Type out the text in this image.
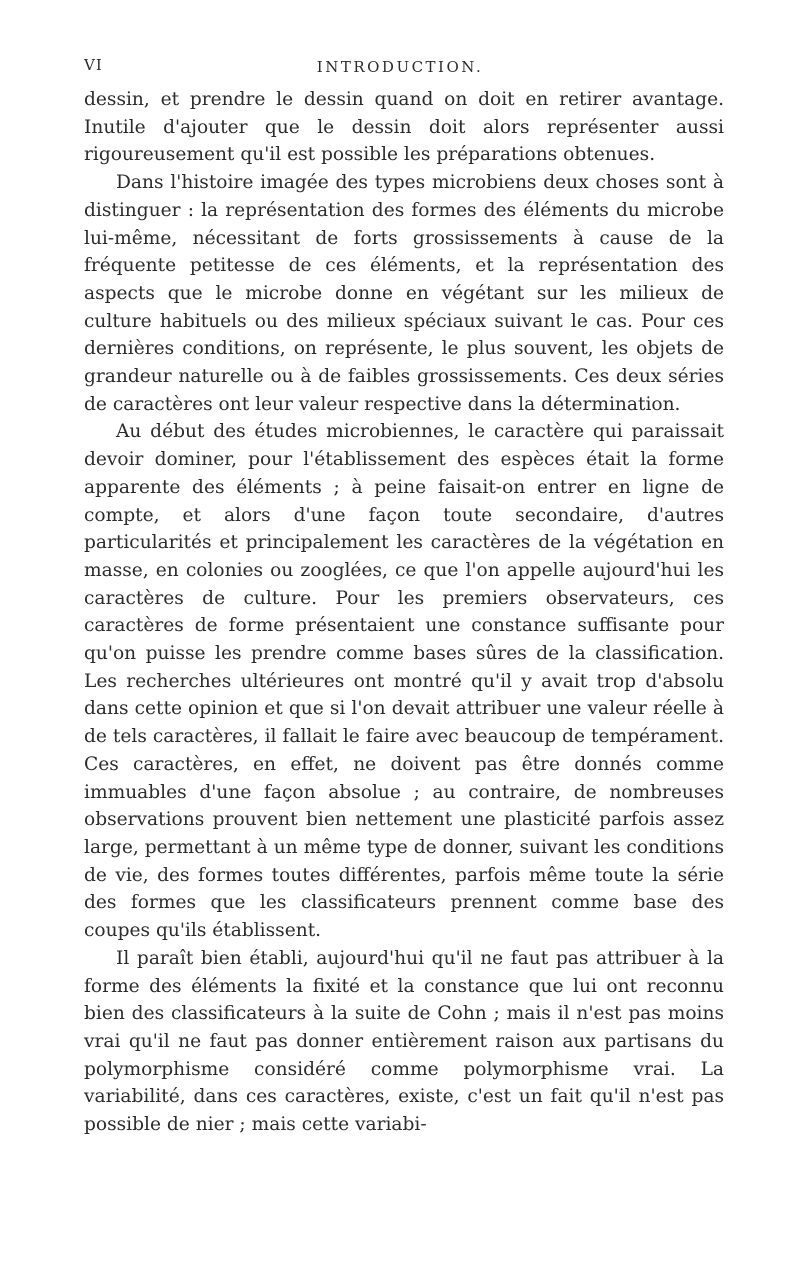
VI	INTRODUCTION.

dessin, et prendre le dessin quand on doit en retirer avantage. Inutile d'ajouter que le dessin doit alors représenter aussi rigoureusement qu'il est possible les préparations obtenues.

Dans l'histoire imagée des types microbiens deux choses sont à distinguer : la représentation des formes des éléments du microbe lui-même, nécessitant de forts grossissements à cause de la fréquente petitesse de ces éléments, et la représentation des aspects que le microbe donne en végétant sur les milieux de culture habituels ou des milieux spéciaux suivant le cas. Pour ces dernières conditions, on représente, le plus souvent, les objets de grandeur naturelle ou à de faibles grossissements. Ces deux séries de caractères ont leur valeur respective dans la détermination.

Au début des études microbiennes, le caractère qui paraissait devoir dominer, pour l'établissement des espèces était la forme apparente des éléments ; à peine faisait-on entrer en ligne de compte, et alors d'une façon toute secondaire, d'autres particularités et principalement les caractères de la végétation en masse, en colonies ou zooglées, ce que l'on appelle aujourd'hui les caractères de culture. Pour les premiers observateurs, ces caractères de forme présentaient une constance suffisante pour qu'on puisse les prendre comme bases sûres de la classification. Les recherches ultérieures ont montré qu'il y avait trop d'absolu dans cette opinion et que si l'on devait attribuer une valeur réelle à de tels caractères, il fallait le faire avec beaucoup de tempérament. Ces caractères, en effet, ne doivent pas être donnés comme immuables d'une façon absolue ; au contraire, de nombreuses observations prouvent bien nettement une plasticité parfois assez large, permettant à un même type de donner, suivant les conditions de vie, des formes toutes différentes, parfois même toute la série des formes que les classificateurs prennent comme base des coupes qu'ils établissent.

Il paraît bien établi, aujourd'hui qu'il ne faut pas attribuer à la forme des éléments la fixité et la constance que lui ont reconnu bien des classificateurs à la suite de Cohn ; mais il n'est pas moins vrai qu'il ne faut pas donner entièrement raison aux partisans du polymorphisme considéré comme polymorphisme vrai. La variabilité, dans ces caractères, existe, c'est un fait qu'il n'est pas possible de nier ; mais cette variabi-
